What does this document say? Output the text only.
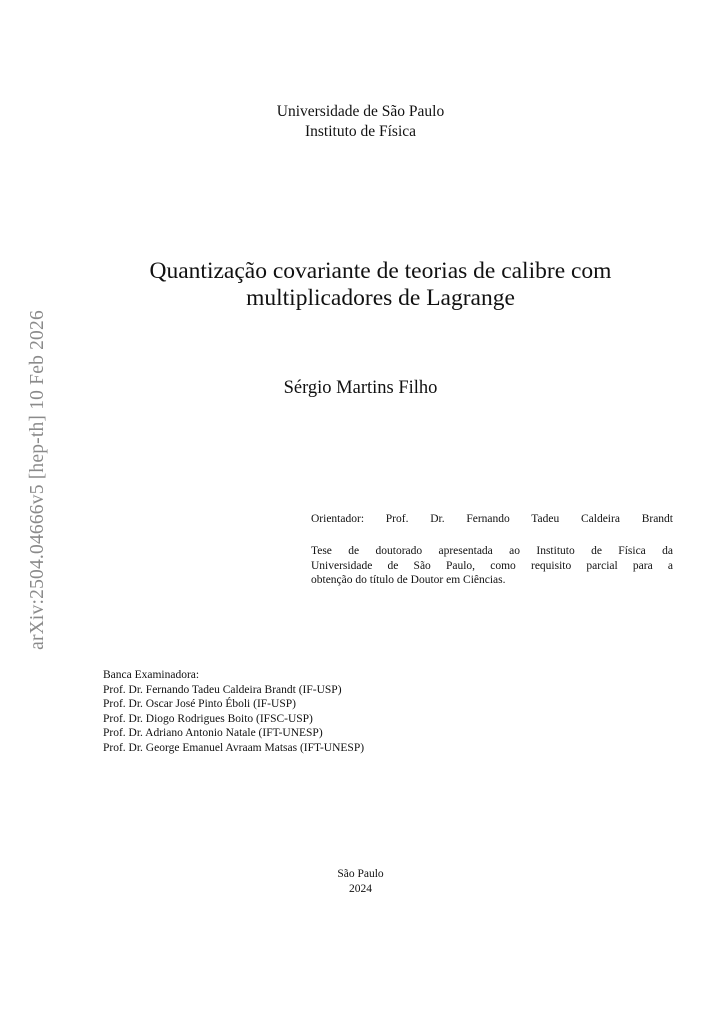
arXiv:2504.04666v5 [hep-th] 10 Feb 2026
Universidade de São Paulo
Instituto de Física
Quantização covariante de teorias de calibre com
multiplicadores de Lagrange
Sérgio Martins Filho
Orientador: Prof. Dr. Fernando Tadeu Caldeira Brandt
Tese de doutorado apresentada ao Instituto de Física da
Universidade de São Paulo, como requisito parcial para a
obtenção do título de Doutor em Ciências.
Banca Examinadora:
Prof. Dr. Fernando Tadeu Caldeira Brandt (IF-USP)
Prof. Dr. Oscar José Pinto Éboli (IF-USP)
Prof. Dr. Diogo Rodrigues Boito (IFSC-USP)
Prof. Dr. Adriano Antonio Natale (IFT-UNESP)
Prof. Dr. George Emanuel Avraam Matsas (IFT-UNESP)
São Paulo
2024
